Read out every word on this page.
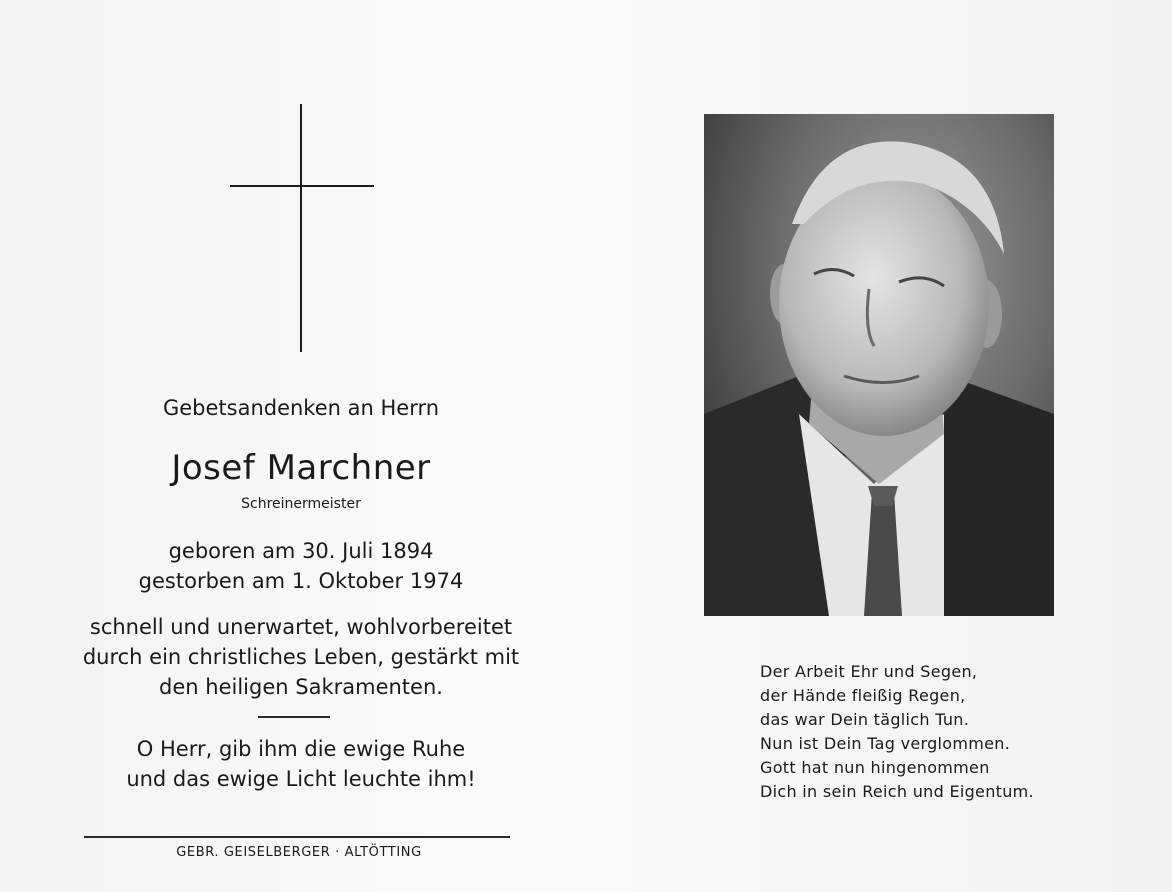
Gebetsandenken an Herrn
Josef Marchner
Schreinermeister
geboren am 30. Juli 1894
gestorben am 1. Oktober 1974
schnell und unerwartet, wohlvorbereitet
durch ein christliches Leben, gestärkt mit
den heiligen Sakramenten.
O Herr, gib ihm die ewige Ruhe
und das ewige Licht leuchte ihm!
GEBR. GEISELBERGER · ALTÖTTING
Der Arbeit Ehr und Segen,
der Hände fleißig Regen,
das war Dein täglich Tun.
Nun ist Dein Tag verglommen.
Gott hat nun hingenommen
Dich in sein Reich und Eigentum.
